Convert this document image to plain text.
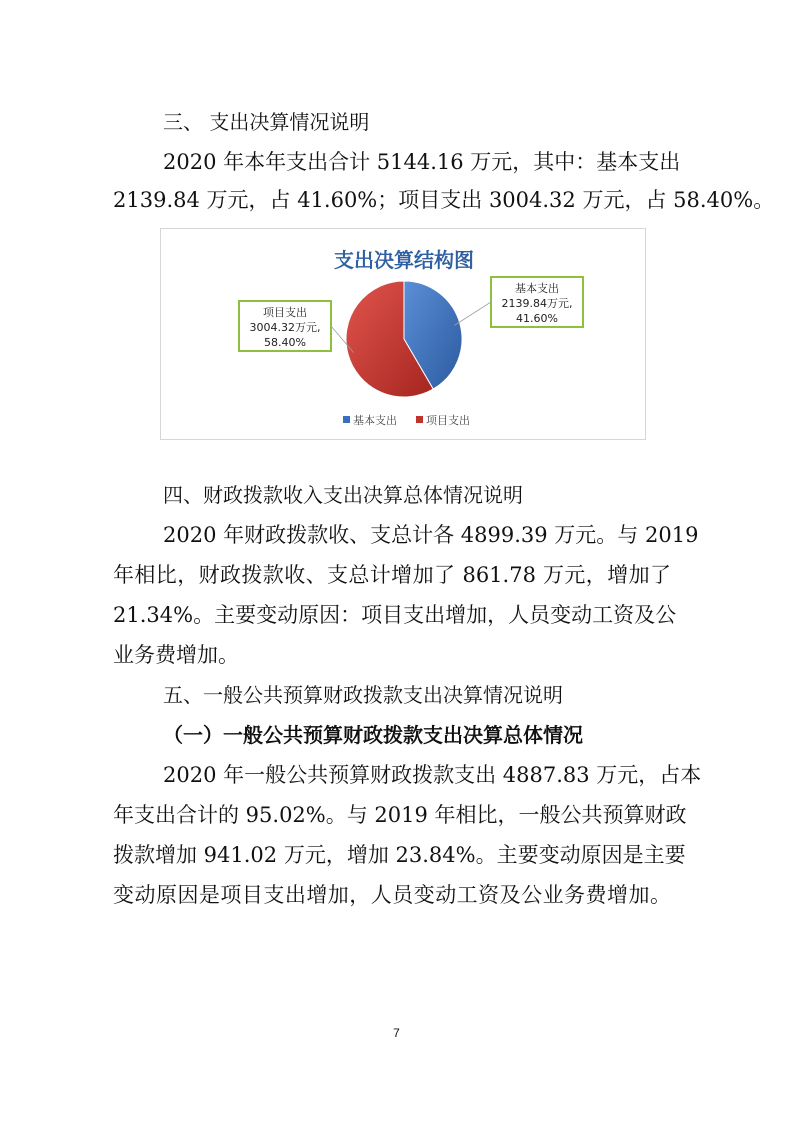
三、 支出决算情况说明
2020 年本年支出合计 5144.16 万元，其中：基本支出
2139.84 万元，占 41.60%；项目支出 3004.32 万元，占 58.40%。
支出决算结构图
基本支出
2139.84万元,
41.60%
项目支出
3004.32万元,
58.40%
基本支出	项目支出
四、财政拨款收入支出决算总体情况说明
2020 年财政拨款收、支总计各 4899.39 万元。与 2019
年相比，财政拨款收、支总计增加了 861.78 万元，增加了
21.34%。主要变动原因：项目支出增加，人员变动工资及公
业务费增加。
五、一般公共预算财政拨款支出决算情况说明
（一）一般公共预算财政拨款支出决算总体情况
2020 年一般公共预算财政拨款支出 4887.83 万元，占本
年支出合计的 95.02%。与 2019 年相比，一般公共预算财政
拨款增加 941.02 万元，增加 23.84%。主要变动原因是主要
变动原因是项目支出增加，人员变动工资及公业务费增加。
7
